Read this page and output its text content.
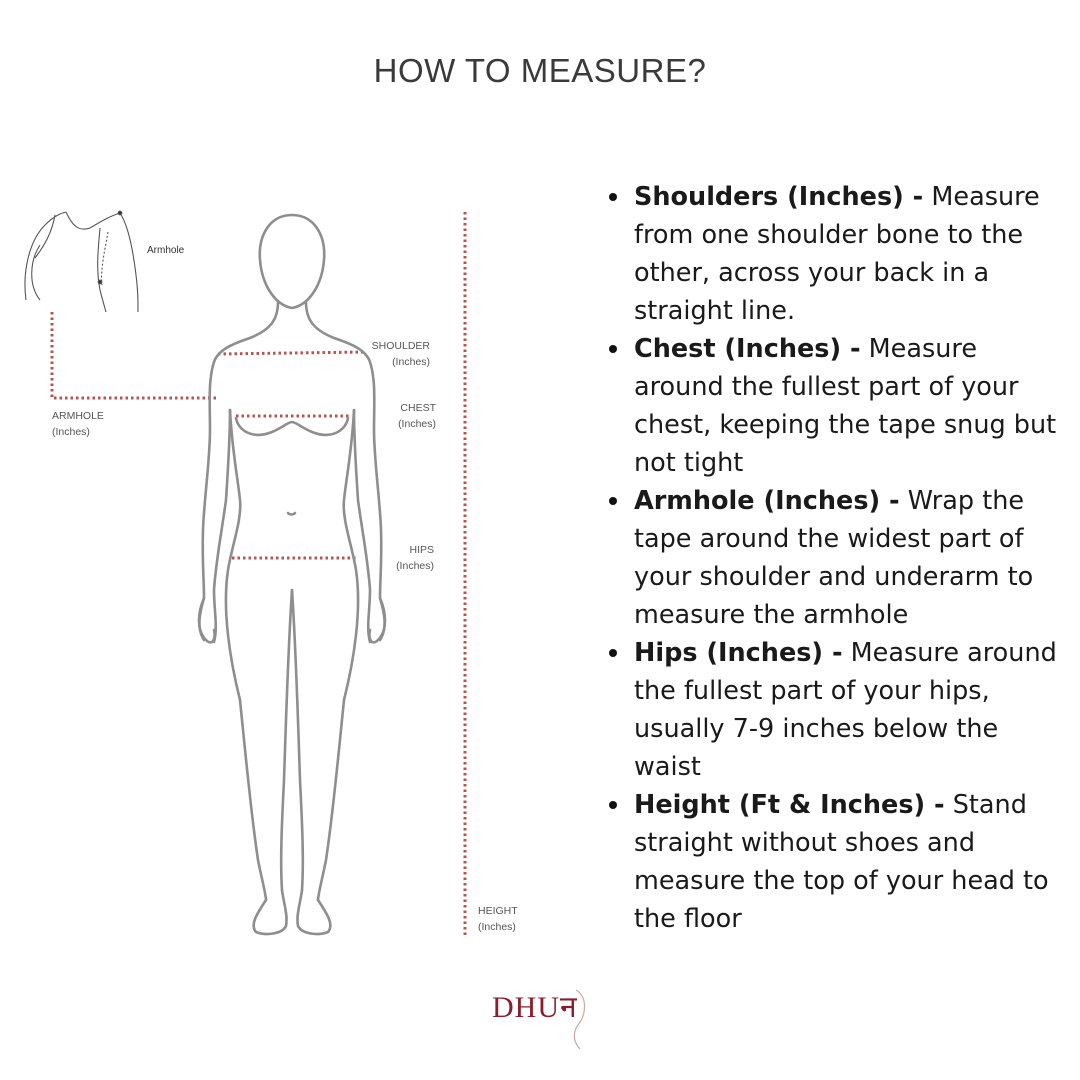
HOW TO MEASURE?
Armhole
SHOULDER
(Inches)
CHEST
(Inches)
ARMHOLE
(Inches)
HIPS
(Inches)
HEIGHT
(Inches)
Shoulders (Inches) - Measure from one shoulder bone to the other, across your back in a straight line.
Chest (Inches) - Measure around the fullest part of your chest, keeping the tape snug but not tight
Armhole (Inches) - Wrap the tape around the widest part of your shoulder and underarm to measure the armhole
Hips (Inches) - Measure around the fullest part of your hips, usually 7-9 inches below the waist
Height (Ft & Inches) - Stand straight without shoes and measure the top of your head to the floor
DHUन
